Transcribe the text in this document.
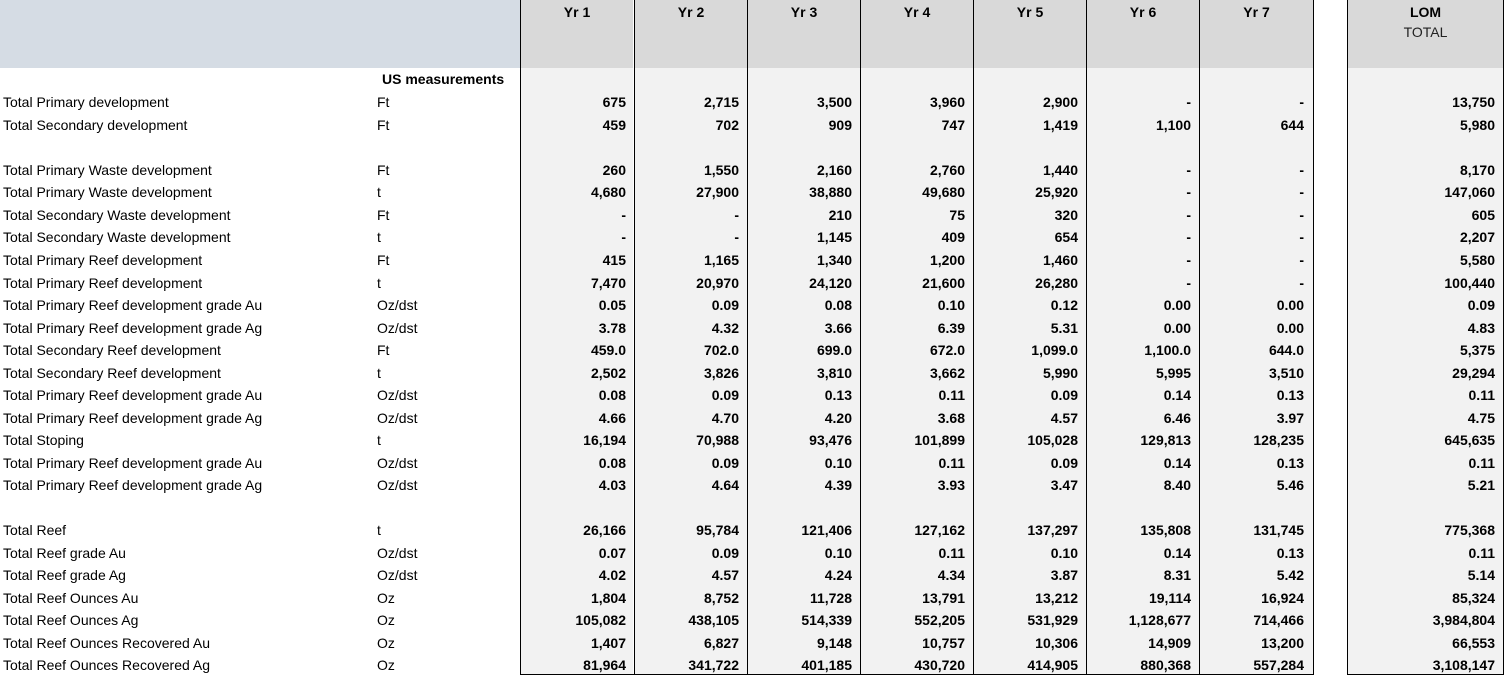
Yr 1	Yr 2	Yr 3	Yr 4	Yr 5	Yr 6	Yr 7	LOM
TOTAL
US measurements
Total Primary development	Ft	675	2,715	3,500	3,960	2,900	-	-	13,750
Total Secondary development	Ft	459	702	909	747	1,419	1,100	644	5,980
Total Primary Waste development	Ft	260	1,550	2,160	2,760	1,440	-	-	8,170
Total Primary Waste development	t	4,680	27,900	38,880	49,680	25,920	-	-	147,060
Total Secondary Waste development	Ft	-	-	210	75	320	-	-	605
Total Secondary Waste development	t	-	-	1,145	409	654	-	-	2,207
Total Primary Reef development	Ft	415	1,165	1,340	1,200	1,460	-	-	5,580
Total Primary Reef development	t	7,470	20,970	24,120	21,600	26,280	-	-	100,440
Total Primary Reef development grade Au	Oz/dst	0.05	0.09	0.08	0.10	0.12	0.00	0.00	0.09
Total Primary Reef development grade Ag	Oz/dst	3.78	4.32	3.66	6.39	5.31	0.00	0.00	4.83
Total Secondary Reef development	Ft	459.0	702.0	699.0	672.0	1,099.0	1,100.0	644.0	5,375
Total Secondary Reef development	t	2,502	3,826	3,810	3,662	5,990	5,995	3,510	29,294
Total Primary Reef development grade Au	Oz/dst	0.08	0.09	0.13	0.11	0.09	0.14	0.13	0.11
Total Primary Reef development grade Ag	Oz/dst	4.66	4.70	4.20	3.68	4.57	6.46	3.97	4.75
Total Stoping	t	16,194	70,988	93,476	101,899	105,028	129,813	128,235	645,635
Total Primary Reef development grade Au	Oz/dst	0.08	0.09	0.10	0.11	0.09	0.14	0.13	0.11
Total Primary Reef development grade Ag	Oz/dst	4.03	4.64	4.39	3.93	3.47	8.40	5.46	5.21
Total Reef	t	26,166	95,784	121,406	127,162	137,297	135,808	131,745	775,368
Total Reef grade Au	Oz/dst	0.07	0.09	0.10	0.11	0.10	0.14	0.13	0.11
Total Reef grade Ag	Oz/dst	4.02	4.57	4.24	4.34	3.87	8.31	5.42	5.14
Total Reef Ounces Au	Oz	1,804	8,752	11,728	13,791	13,212	19,114	16,924	85,324
Total Reef Ounces Ag	Oz	105,082	438,105	514,339	552,205	531,929	1,128,677	714,466	3,984,804
Total Reef Ounces Recovered Au	Oz	1,407	6,827	9,148	10,757	10,306	14,909	13,200	66,553
Total Reef Ounces Recovered Ag	Oz	81,964	341,722	401,185	430,720	414,905	880,368	557,284	3,108,147
